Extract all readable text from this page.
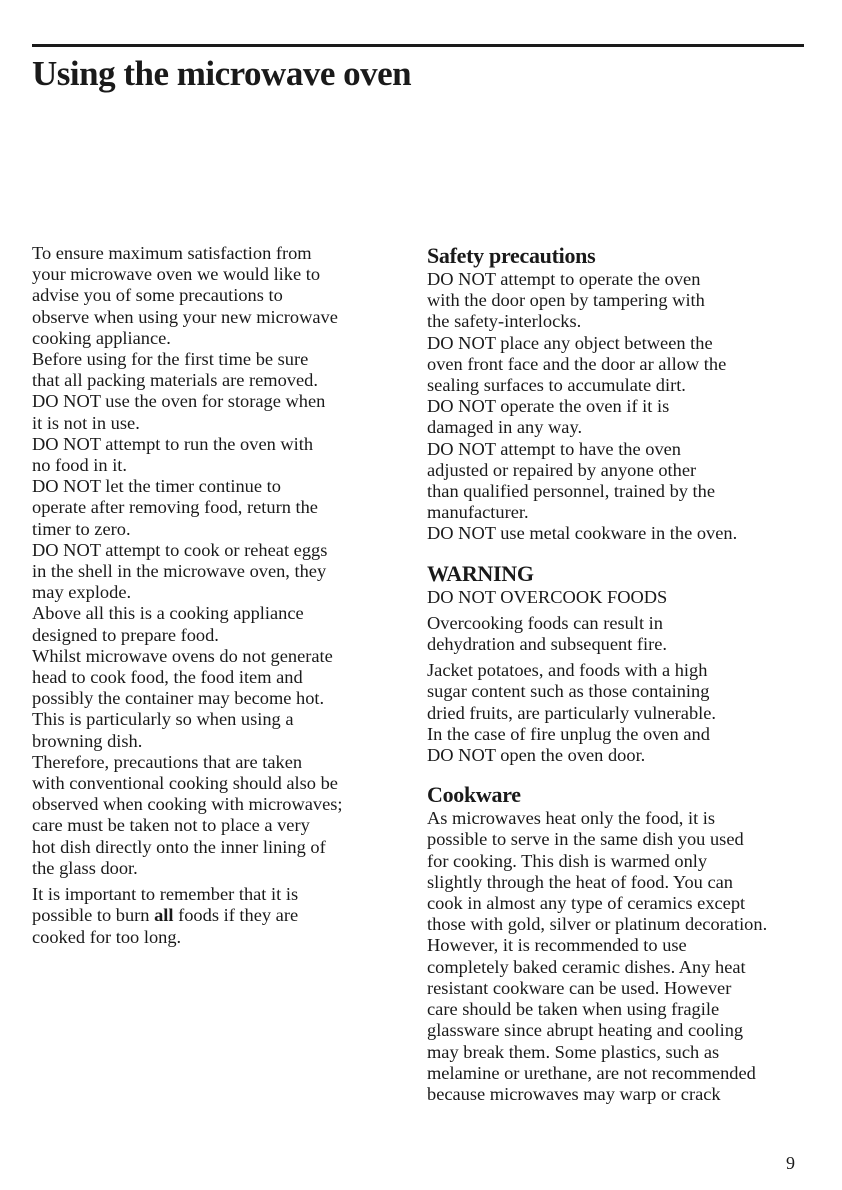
Using the microwave oven
To ensure maximum satisfaction from
your microwave oven we would like to
advise you of some precautions to
observe when using your new microwave
cooking appliance.
Before using for the first time be sure
that all packing materials are removed.
DO NOT use the oven for storage when
it is not in use.
DO NOT attempt to run the oven with
no food in it.
DO NOT let the timer continue to
operate after removing food, return the
timer to zero.
DO NOT attempt to cook or reheat eggs
in the shell in the microwave oven, they
may explode.
Above all this is a cooking appliance
designed to prepare food.
Whilst microwave ovens do not generate
head to cook food, the food item and
possibly the container may become hot.
This is particularly so when using a
browning dish.
Therefore, precautions that are taken
with conventional cooking should also be
observed when cooking with microwaves;
care must be taken not to place a very
hot dish directly onto the inner lining of
the glass door.
It is important to remember that it is
possible to burn all foods if they are
cooked for too long.
Safety precautions
DO NOT attempt to operate the oven
with the door open by tampering with
the safety-interlocks.
DO NOT place any object between the
oven front face and the door ar allow the
sealing surfaces to accumulate dirt.
DO NOT operate the oven if it is
damaged in any way.
DO NOT attempt to have the oven
adjusted or repaired by anyone other
than qualified personnel, trained by the
manufacturer.
DO NOT use metal cookware in the oven.
WARNING
DO NOT OVERCOOK FOODS
Overcooking foods can result in
dehydration and subsequent fire.
Jacket potatoes, and foods with a high
sugar content such as those containing
dried fruits, are particularly vulnerable.
In the case of fire unplug the oven and
DO NOT open the oven door.
Cookware
As microwaves heat only the food, it is
possible to serve in the same dish you used
for cooking. This dish is warmed only
slightly through the heat of food. You can
cook in almost any type of ceramics except
those with gold, silver or platinum decoration.
However, it is recommended to use
completely baked ceramic dishes. Any heat
resistant cookware can be used. However
care should be taken when using fragile
glassware since abrupt heating and cooling
may break them. Some plastics, such as
melamine or urethane, are not recommended
because microwaves may warp or crack
9
